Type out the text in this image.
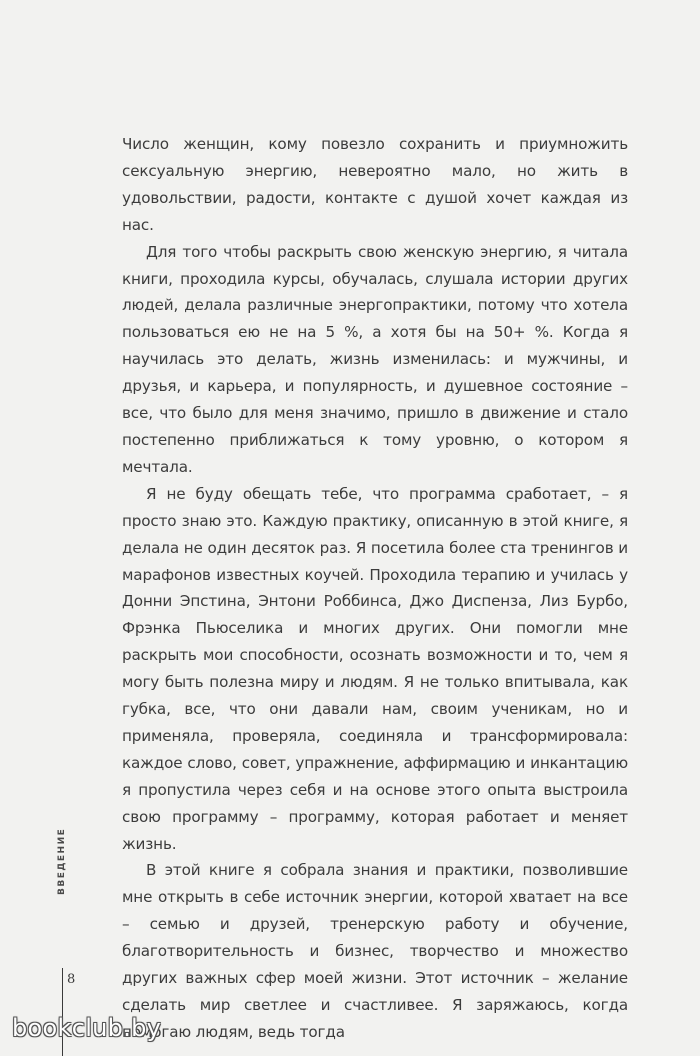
Число женщин, кому повезло сохранить и приумножить сексуальную энергию, невероятно мало, но жить в удовольствии, радости, контакте с душой хочет каждая из нас.

Для того чтобы раскрыть свою женскую энергию, я читала книги, проходила курсы, обучалась, слушала истории других людей, делала различные энергопрактики, потому что хотела пользоваться ею не на 5 %, а хотя бы на 50+ %. Когда я научилась это делать, жизнь изменилась: и мужчины, и друзья, и карьера, и популярность, и душевное состояние – все, что было для меня значимо, пришло в движение и стало постепенно приближаться к тому уровню, о котором я мечтала.

Я не буду обещать тебе, что программа сработает, – я просто знаю это. Каждую практику, описанную в этой книге, я делала не один десяток раз. Я посетила более ста тренингов и марафонов известных коучей. Проходила терапию и училась у Донни Эпстина, Энтони Роббинса, Джо Диспенза, Лиз Бурбо, Фрэнка Пьюселика и многих других. Они помогли мне раскрыть мои способности, осознать возможности и то, чем я могу быть полезна миру и людям. Я не только впитывала, как губка, все, что они давали нам, своим ученикам, но и применяла, проверяла, соединяла и трансформировала: каждое слово, совет, упражнение, аффирмацию и инкантацию я пропустила через себя и на основе этого опыта выстроила свою программу – программу, которая работает и меняет жизнь.

В этой книге я собрала знания и практики, позволившие мне открыть в себе источник энергии, которой хватает на все – семью и друзей, тренерскую работу и обучение, благотворительность и бизнес, творчество и множество других важных сфер моей жизни. Этот источник – желание сделать мир светлее и счастливее. Я заряжаюсь, когда помогаю людям, ведь тогда

ВВЕДЕНИЕ
8
bookclub.by
